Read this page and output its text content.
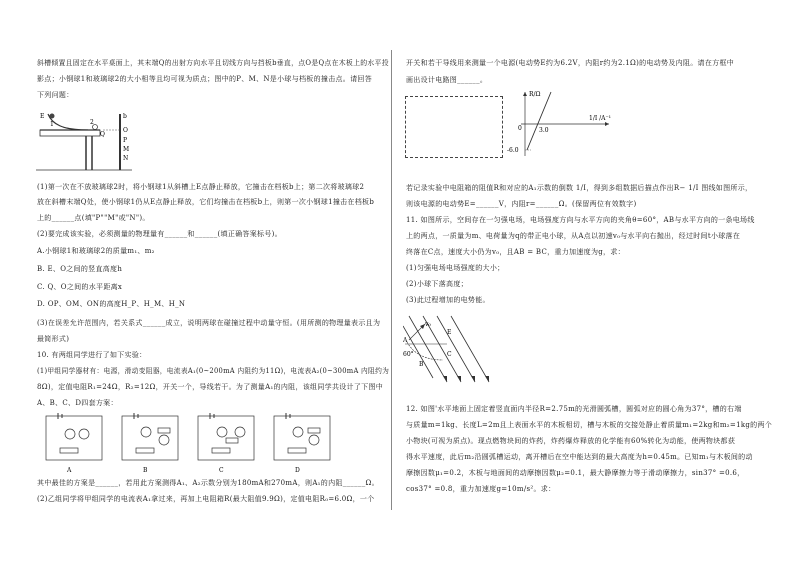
斜槽倾置且固定在水平桌面上，其末端Q的出射方向水平且切线方向与挡板b垂直，点O是Q点在木板上的水平投
影点；小钢球1和玻璃球2的大小相等且均可视为质点；图中的P、M、N是小球与档板的撞击点。请回答
下列问题：
E
1	2
Q
b
O
P
M
N
(1)第一次在不放玻璃球2时，将小钢球1从斜槽上E点静止释放，它撞击在档板b上；第二次将玻璃球2
放在斜槽末端Q处，使小钢球1仍从E点静止释放，它们均撞击在档板b上，则第一次小钢球1撞击在档板b
上的______点(填"P""M"或"N")。
(2)要完成该实验，必须测量的物理量有______和______(填正确答案标号)。
A.小钢球1和玻璃球2的质量m₁、m₂
B. E、O之间的竖直高度h
C. Q、O之间的水平距离x
D. OP、OM、ON的高度H_P、H_M、H_N
(3)在误差允许范围内，若关系式______成立，说明两球在碰撞过程中动量守恒。(用所测的物理量表示且为
最简形式)
10. 有两组同学进行了如下实验：
(1)甲组同学器材有：电源，滑动变阻器，电流表A₁(0~200mA 内阻约为11Ω)，电流表A₂(0~300mA 内阻约为
8Ω)，定值电阻R₁=24Ω，R₂=12Ω，开关一个，导线若干。为了测量A₁的内阻，该组同学共设计了下图中
A、B、C、D四套方案：
A	B	C	D
其中最佳的方案是______，若用此方案测得A₁、A₂示数分别为180mA和270mA，则A₁的内阻______Ω。
(2)乙组同学将甲组同学的电流表A₁拿过来，再加上电阻箱R(最大阻值9.9Ω)，定值电阻R₀=6.0Ω，一个
开关和若干导线用来测量一个电源(电动势E约为6.2V，内阻r约为2.1Ω)的电动势及内阻。请在方框中
画出设计电路图______。
R/Ω
1/I /A⁻¹
0	3.0
-6.0
若记录实验中电阻箱的阻值R和对应的A₁示数的倒数 1/I，得到多组数据后描点作出R− 1/I 图线如图所示，
则该电源的电动势E=______V，内阻r=______Ω。(保留两位有效数字)
11. 如图所示，空间存在一匀强电场，电场强度方向与水平方向的夹角θ=60°，AB与水平方向的一条电场线
上的两点，一质量为m、电荷量为q的带正电小球，从A点以初速v₀与水平向右抛出，经过时间t小球落在
终落在C点，速度大小仍为v₀，且AB = BC，重力加速度为g，求：
(1)匀强电场电场强度的大小；
(2)小球下落高度；
(3)此过程增加的电势能。
A
B
C
E
v₀
60°
12. 如图'水平地面上固定着竖直面内半径R=2.75m的光滑圆弧槽，圆弧对应的圆心角为37°，槽的右端
与质量m=1kg、长度L=2m且上表面水平的木板相切，槽与木板的交接处静止着质量m₁=2kg和m₂=1kg的两个
小物块(可视为质点)。现点燃物块间的炸药，炸药爆炸释放的化学能有60%转化为动能，使两物块都获
得水平速度，此后m₂沿圆弧槽运动，离开槽后在空中能达到的最大高度为h=0.45m。已知m₁与木板间的动
摩擦因数μ₁=0.2，木板与地面间的动摩擦因数μ₂=0.1，最大静摩擦力等于滑动摩擦力，sin37° =0.6，
cos37° =0.8，重力加速度g=10m/s²。求：
